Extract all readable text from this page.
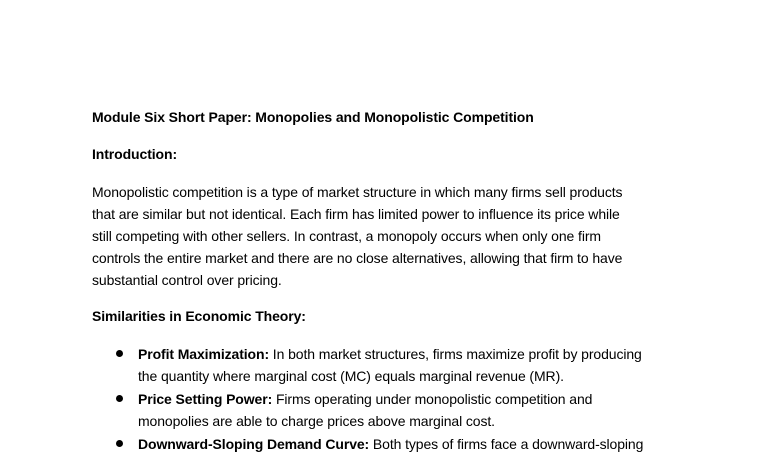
Module Six Short Paper: Monopolies and Monopolistic Competition

Introduction:

Monopolistic competition is a type of market structure in which many firms sell products
that are similar but not identical. Each firm has limited power to influence its price while
still competing with other sellers. In contrast, a monopoly occurs when only one firm
controls the entire market and there are no close alternatives, allowing that firm to have
substantial control over pricing.

Similarities in Economic Theory:

Profit Maximization: In both market structures, firms maximize profit by producing
the quantity where marginal cost (MC) equals marginal revenue (MR).
Price Setting Power: Firms operating under monopolistic competition and
monopolies are able to charge prices above marginal cost.
Downward-Sloping Demand Curve: Both types of firms face a downward-sloping
